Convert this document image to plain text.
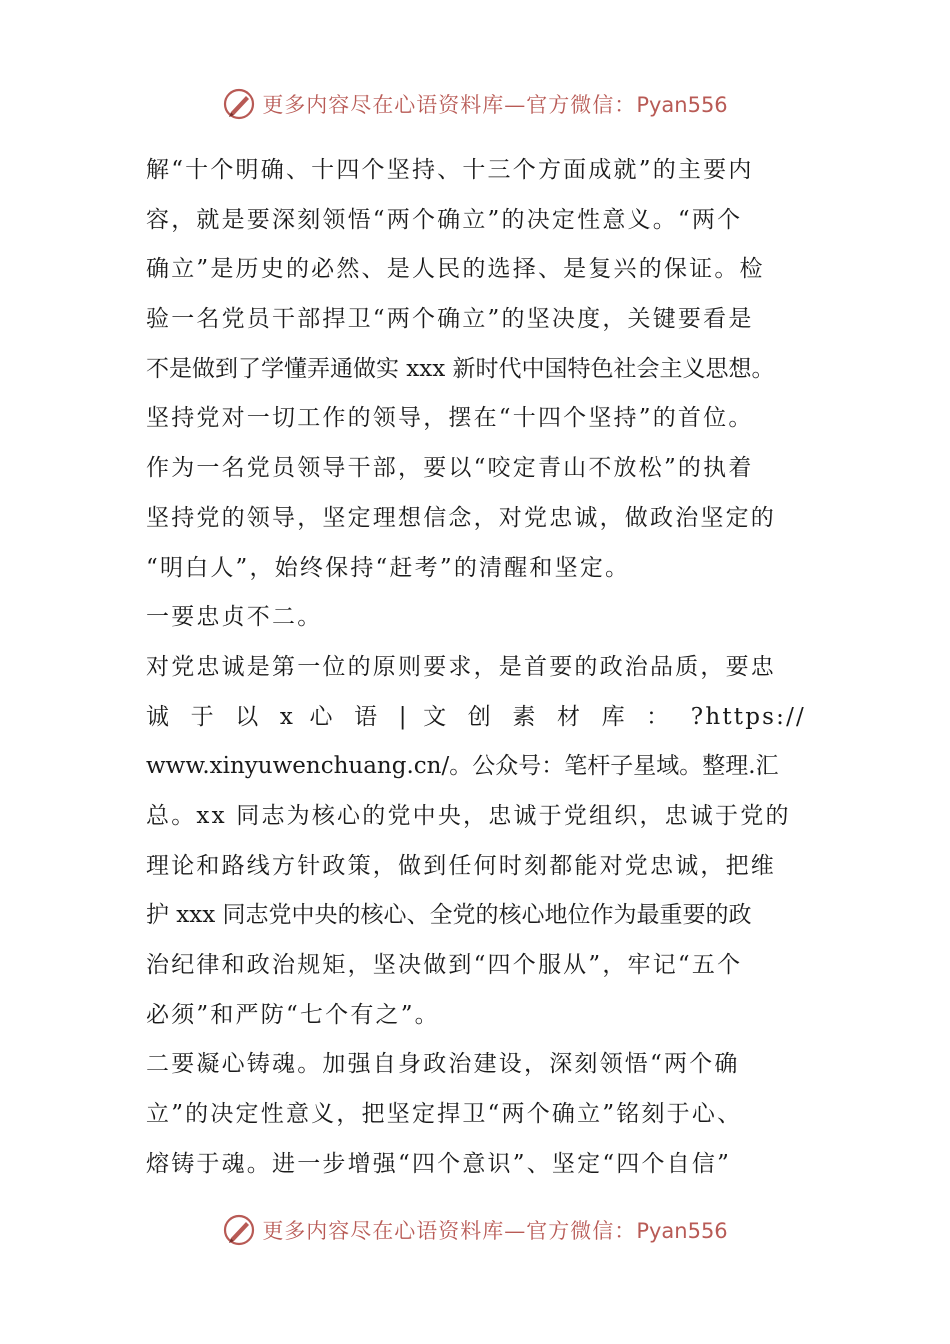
更多内容尽在心语资料库—官方微信：Pyan556
解“十个明确、十四个坚持、十三个方面成就”的主要内
容，就是要深刻领悟“两个确立”的决定性意义。“两个
确立”是历史的必然、是人民的选择、是复兴的保证。检
验一名党员干部捍卫“两个确立”的坚决度，关键要看是
不是做到了学懂弄通做实 xxx 新时代中国特色社会主义思想。
坚持党对一切工作的领导，摆在“十四个坚持”的首位。
作为一名党员领导干部，要以“咬定青山不放松”的执着
坚持党的领导，坚定理想信念，对党忠诚，做政治坚定的
“明白人”，始终保持“赶考”的清醒和坚定。
一要忠贞不二。
对党忠诚是第一位的原则要求，是首要的政治品质，要忠
诚 于 以 x 心 语 | 文 创 素 材 库 ： ?https://
www.xinyuwenchuang.cn/。公众号：笔杆子星域。整理.汇
总。xx 同志为核心的党中央，忠诚于党组织，忠诚于党的
理论和路线方针政策，做到任何时刻都能对党忠诚，把维
护 xxx 同志党中央的核心、全党的核心地位作为最重要的政
治纪律和政治规矩，坚决做到“四个服从”，牢记“五个
必须”和严防“七个有之”。
二要凝心铸魂。加强自身政治建设，深刻领悟“两个确
立”的决定性意义，把坚定捍卫“两个确立”铭刻于心、
熔铸于魂。进一步增强“四个意识”、坚定“四个自信”
更多内容尽在心语资料库—官方微信：Pyan556
